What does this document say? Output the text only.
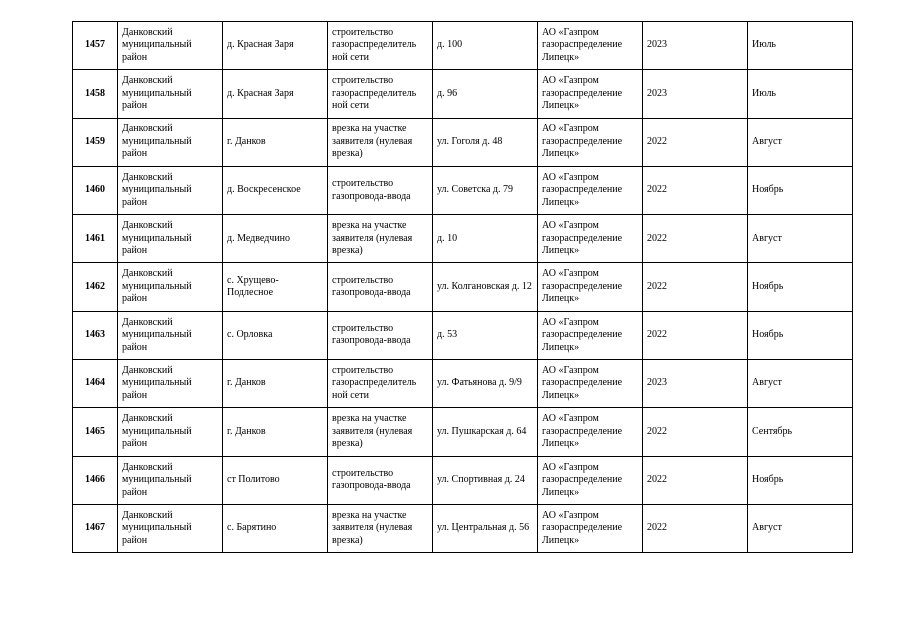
1457	Данковский муниципальный район	д. Красная Заря	строительство газораспределитель ной сети	д. 100	АО «Газпром газораспределение Липецк»	2023	Июль
1458	Данковский муниципальный район	д. Красная Заря	строительство газораспределитель ной сети	д. 96	АО «Газпром газораспределение Липецк»	2023	Июль
1459	Данковский муниципальный район	г. Данков	врезка на участке заявителя (нулевая врезка)	ул. Гоголя д. 48	АО «Газпром газораспределение Липецк»	2022	Август
1460	Данковский муниципальный район	д. Воскресенское	строительство газопровода-ввода	ул. Советска д. 79	АО «Газпром газораспределение Липецк»	2022	Ноябрь
1461	Данковский муниципальный район	д. Медведчино	врезка на участке заявителя (нулевая врезка)	д. 10	АО «Газпром газораспределение Липецк»	2022	Август
1462	Данковский муниципальный район	с. Хрущево-Подлесное	строительство газопровода-ввода	ул. Колгановская д. 12	АО «Газпром газораспределение Липецк»	2022	Ноябрь
1463	Данковский муниципальный район	с. Орловка	строительство газопровода-ввода	д. 53	АО «Газпром газораспределение Липецк»	2022	Ноябрь
1464	Данковский муниципальный район	г. Данков	строительство газораспределитель ной сети	ул. Фатьянова д. 9/9	АО «Газпром газораспределение Липецк»	2023	Август
1465	Данковский муниципальный район	г. Данков	врезка на участке заявителя (нулевая врезка)	ул. Пушкарская д. 64	АО «Газпром газораспределение Липецк»	2022	Сентябрь
1466	Данковский муниципальный район	ст Политово	строительство газопровода-ввода	ул. Спортивная д. 24	АО «Газпром газораспределение Липецк»	2022	Ноябрь
1467	Данковский муниципальный район	с. Барятино	врезка на участке заявителя (нулевая врезка)	ул. Центральная д. 56	АО «Газпром газораспределение Липецк»	2022	Август
